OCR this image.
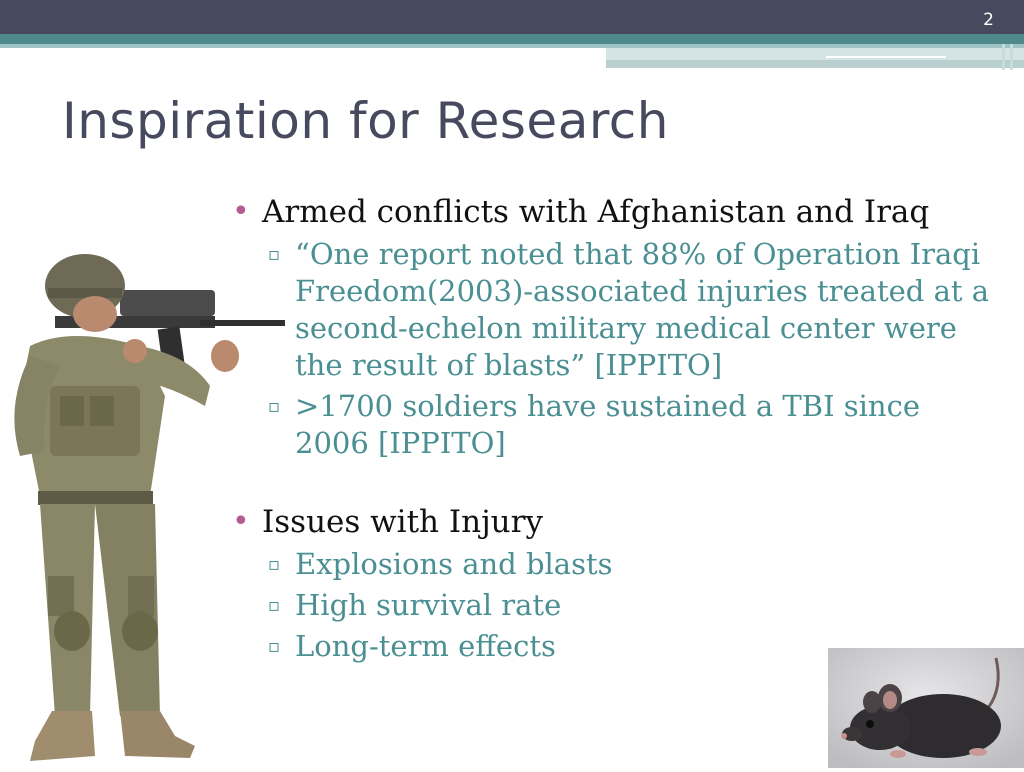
2
Inspiration for Research
• Armed conflicts with Afghanistan and Iraq
▫ “One report noted that 88% of Operation Iraqi Freedom(2003)-associated injuries treated at a second-echelon military medical center were the result of blasts” [IPPITO]
▫ >1700 soldiers have sustained a TBI since 2006 [IPPITO]
• Issues with Injury
▫ Explosions and blasts
▫ High survival rate
▫ Long-term effects
